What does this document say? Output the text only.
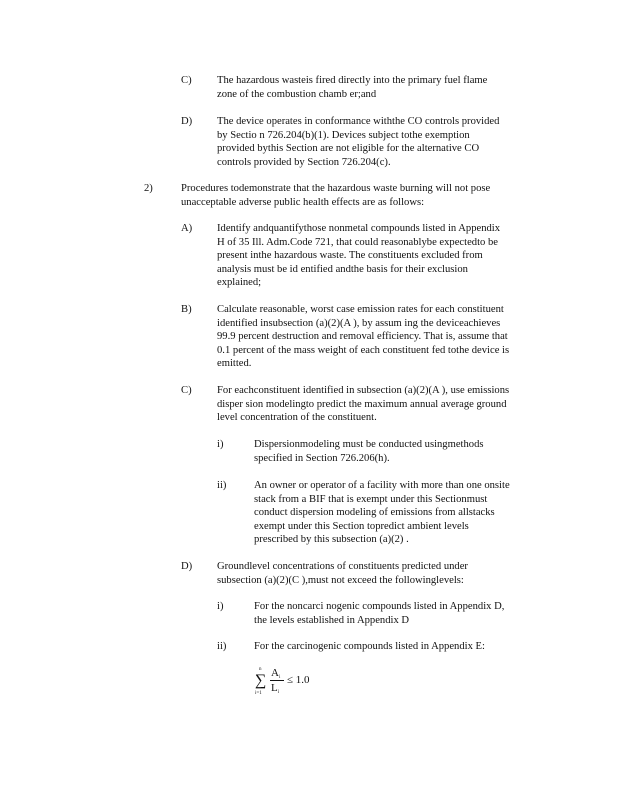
C) The hazardous wasteis fired directly into the primary fuel flame
zone of the combustion chamb er;and
D) The device operates in conformance withthe CO controls provided
by Sectio n 726.204(b)(1). Devices subject tothe exemption
provided bythis Section are not eligible for the alternative CO
controls provided by Section 726.204(c).
2)	Procedures todemonstrate that the hazardous waste burning will not pose
unacceptable adverse public health effects are as follows:
A) Identify andquantifythose nonmetal compounds listed in Appendix
H of 35 Ill. Adm.Code 721, that could reasonablybe expectedto be
present inthe hazardous waste. The constituents excluded from
analysis must be id entified andthe basis for their exclusion
explained;
B) Calculate reasonable, worst case emission rates for each constituent
identified insubsection (a)(2)(A ), by assum ing the deviceachieves
99.9 percent destruction and removal efficiency. That is, assume that
0.1 percent of the mass weight of each constituent fed tothe device is
emitted.
C) For eachconstituent identified in subsection (a)(2)(A ), use emissions
disper sion modelingto predict the maximum annual average ground
level concentration of the constituent.
i)	Dispersionmodeling must be conducted usingmethods
specified in Section 726.206(h).
ii)	An owner or operator of a facility with more than one onsite
stack from a BIF that is exempt under this Sectionmust
conduct dispersion modeling of emissions from allstacks
exempt under this Section topredict ambient levels
prescribed by this subsection (a)(2) .
D) Groundlevel concentrations of constituents predicted under
subsection (a)(2)(C ),must not exceed the followinglevels:
i)	For the noncarci nogenic compounds listed in Appendix D,
the levels established in Appendix D
ii)	For the carcinogenic compounds listed in Appendix E:
n
∑
i=1
Ai
Li
≤ 1.0
